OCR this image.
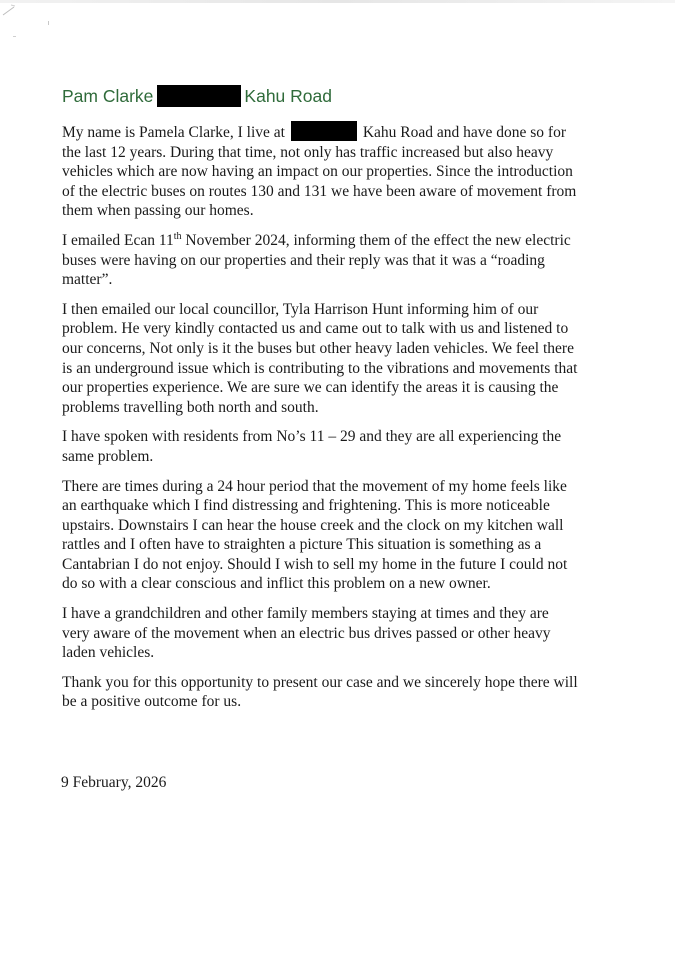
Pam Clarke	Kahu Road

My name is Pamela Clarke, I live at	Kahu Road and have done so for the last 12 years. During that time, not only has traffic increased but also heavy vehicles which are now having an impact on our properties. Since the introduction of the electric buses on routes 130 and 131 we have been aware of movement from them when passing our homes.

I emailed Ecan 11th November 2024, informing them of the effect the new electric buses were having on our properties and their reply was that it was a “roading matter”.

I then emailed our local councillor, Tyla Harrison Hunt informing him of our problem. He very kindly contacted us and came out to talk with us and listened to our concerns, Not only is it the buses but other heavy laden vehicles. We feel there is an underground issue which is contributing to the vibrations and movements that our properties experience. We are sure we can identify the areas it is causing the problems travelling both north and south.

I have spoken with residents from No’s 11 – 29 and they are all experiencing the same problem.

There are times during a 24 hour period that the movement of my home feels like an earthquake which I find distressing and frightening. This is more noticeable upstairs. Downstairs I can hear the house creek and the clock on my kitchen wall rattles and I often have to straighten a picture This situation is something as a Cantabrian I do not enjoy. Should I wish to sell my home in the future I could not do so with a clear conscious and inflict this problem on a new owner.

I have a grandchildren and other family members staying at times and they are very aware of the movement when an electric bus drives passed or other heavy laden vehicles.

Thank you for this opportunity to present our case and we sincerely hope there will be a positive outcome for us.

9 February, 2026
